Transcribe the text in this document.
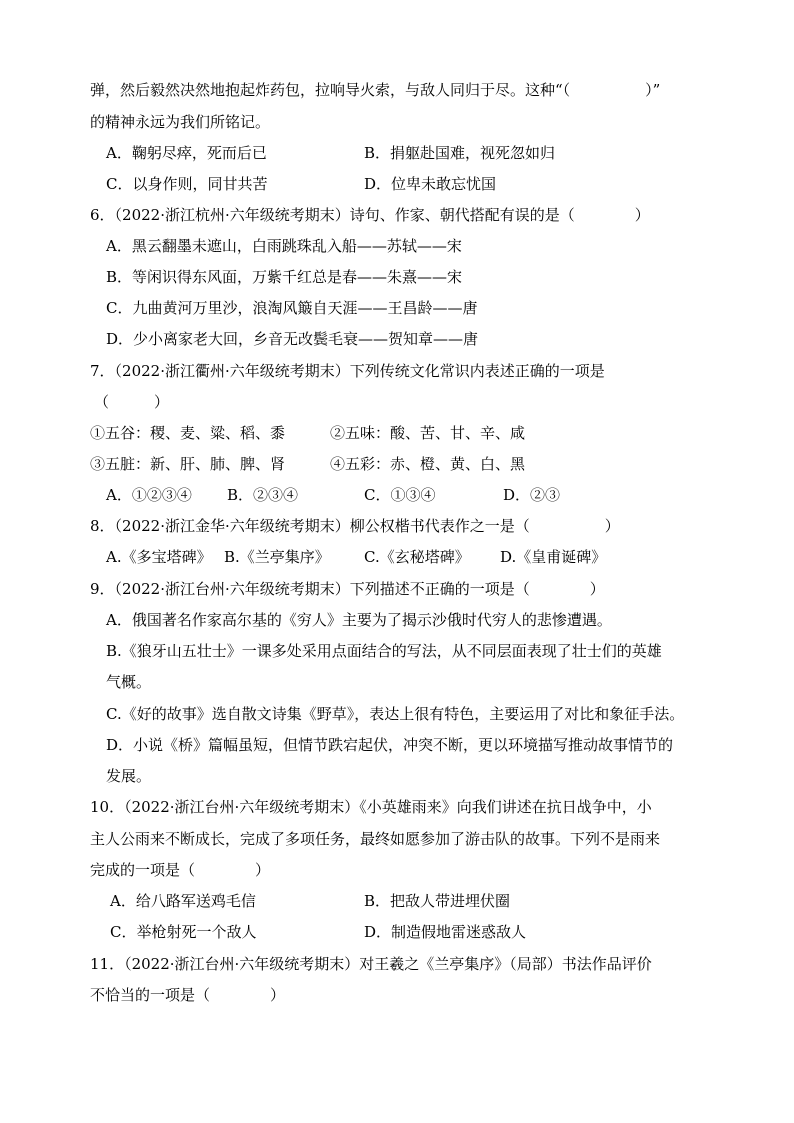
弹，然后毅然决然地抱起炸药包，拉响导火索，与敌人同归于尽。这种“（　　　　　）”
的精神永远为我们所铭记。
A．鞠躬尽瘁，死而后已	B．捐躯赴国难，视死忽如归
C．以身作则，同甘共苦	D．位卑未敢忘忧国
6．（2022·浙江杭州·六年级统考期末）诗句、作家、朝代搭配有误的是（　　　　）
A．黑云翻墨未遮山，白雨跳珠乱入船——苏轼——宋
B．等闲识得东风面，万紫千红总是春——朱熹——宋
C．九曲黄河万里沙，浪淘风簸自天涯——王昌龄——唐
D．少小离家老大回，乡音无改鬓毛衰——贺知章——唐
7．（2022·浙江衢州·六年级统考期末）下列传统文化常识内表述正确的一项是
（　　　）
①五谷：稷、麦、粱、稻、黍	②五味：酸、苦、甘、辛、咸
③五脏：新、肝、肺、脾、肾	④五彩：赤、橙、黄、白、黑
A．①②③④ B．②③④	C．①③④	D．②③
8．（2022·浙江金华·六年级统考期末）柳公权楷书代表作之一是（　　　　　）
A.《多宝塔碑》 B.《兰亭集序》 C.《玄秘塔碑》 D.《皇甫诞碑》
9．（2022·浙江台州·六年级统考期末）下列描述不正确的一项是（　　　　）
A．俄国著名作家高尔基的《穷人》主要为了揭示沙俄时代穷人的悲惨遭遇。
B.《狼牙山五壮士》一课多处采用点面结合的写法，从不同层面表现了壮士们的英雄
气概。
C.《好的故事》选自散文诗集《野草》，表达上很有特色，主要运用了对比和象征手法。
D．小说《桥》篇幅虽短，但情节跌宕起伏，冲突不断，更以环境描写推动故事情节的
发展。
10．（2022·浙江台州·六年级统考期末）《小英雄雨来》向我们讲述在抗日战争中，小
主人公雨来不断成长，完成了多项任务，最终如愿参加了游击队的故事。下列不是雨来
完成的一项是（　　　　）
A．给八路军送鸡毛信	B．把敌人带进埋伏圈
C．举枪射死一个敌人	D．制造假地雷迷惑敌人
11．（2022·浙江台州·六年级统考期末）对王羲之《兰亭集序》（局部）书法作品评价
不恰当的一项是（　　　　）
